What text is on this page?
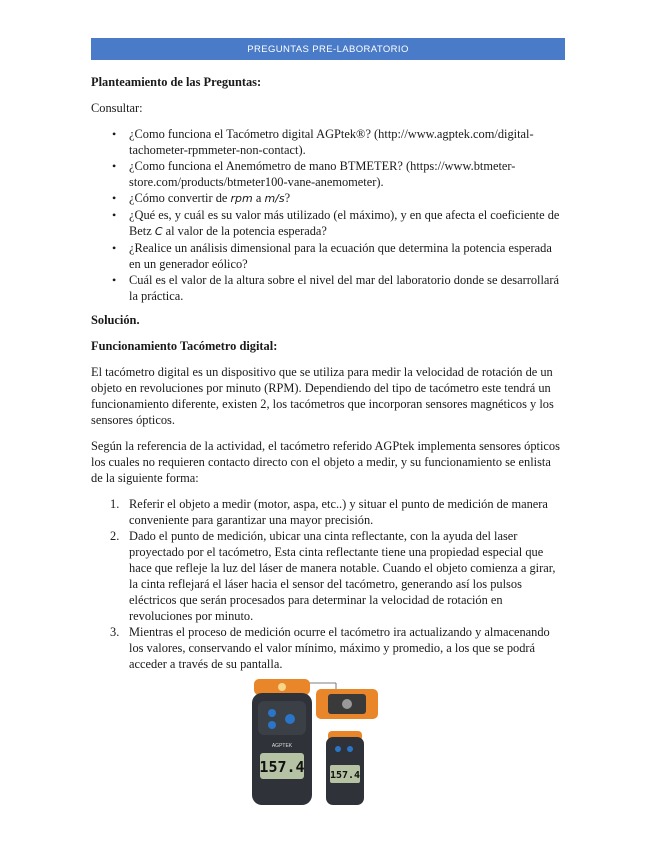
PREGUNTAS PRE-LABORATORIO
Planteamiento de las Preguntas:
Consultar:
• ¿Como funciona el Tacómetro digital AGPtek®? (http://www.agptek.com/digital-tachometer-rpmmeter-non-contact).
• ¿Como funciona el Anemómetro de mano BTMETER? (https://www.btmeter-store.com/products/btmeter100-vane-anemometer).
• ¿Cómo convertir de rpm a m/s?
• ¿Qué es, y cuál es su valor más utilizado (el máximo), y en que afecta el coeficiente de Betz C al valor de la potencia esperada?
• ¿Realice un análisis dimensional para la ecuación que determina la potencia esperada en un generador eólico?
• Cuál es el valor de la altura sobre el nivel del mar del laboratorio donde se desarrollará la práctica.
Solución.
Funcionamiento Tacómetro digital:
El tacómetro digital es un dispositivo que se utiliza para medir la velocidad de rotación de un objeto en revoluciones por minuto (RPM). Dependiendo del tipo de tacómetro este tendrá un funcionamiento diferente, existen 2, los tacómetros que incorporan sensores magnéticos y los sensores ópticos.
Según la referencia de la actividad, el tacómetro referido AGPtek implementa sensores ópticos los cuales no requieren contacto directo con el objeto a medir, y su funcionamiento se enlista de la siguiente forma:
1. Referir el objeto a medir (motor, aspa, etc..) y situar el punto de medición de manera conveniente para garantizar una mayor precisión.
2. Dado el punto de medición, ubicar una cinta reflectante, con la ayuda del laser proyectado por el tacómetro, Esta cinta reflectante tiene una propiedad especial que hace que refleje la luz del láser de manera notable. Cuando el objeto comienza a girar, la cinta reflejará el láser hacia el sensor del tacómetro, generando así los pulsos eléctricos que serán procesados para determinar la velocidad de rotación en revoluciones por minuto.
3. Mientras el proceso de medición ocurre el tacómetro ira actualizando y almacenando los valores, conservando el valor mínimo, máximo y promedio, a los que se podrá acceder a través de su pantalla.
AGPTEK
157.4	157.4
